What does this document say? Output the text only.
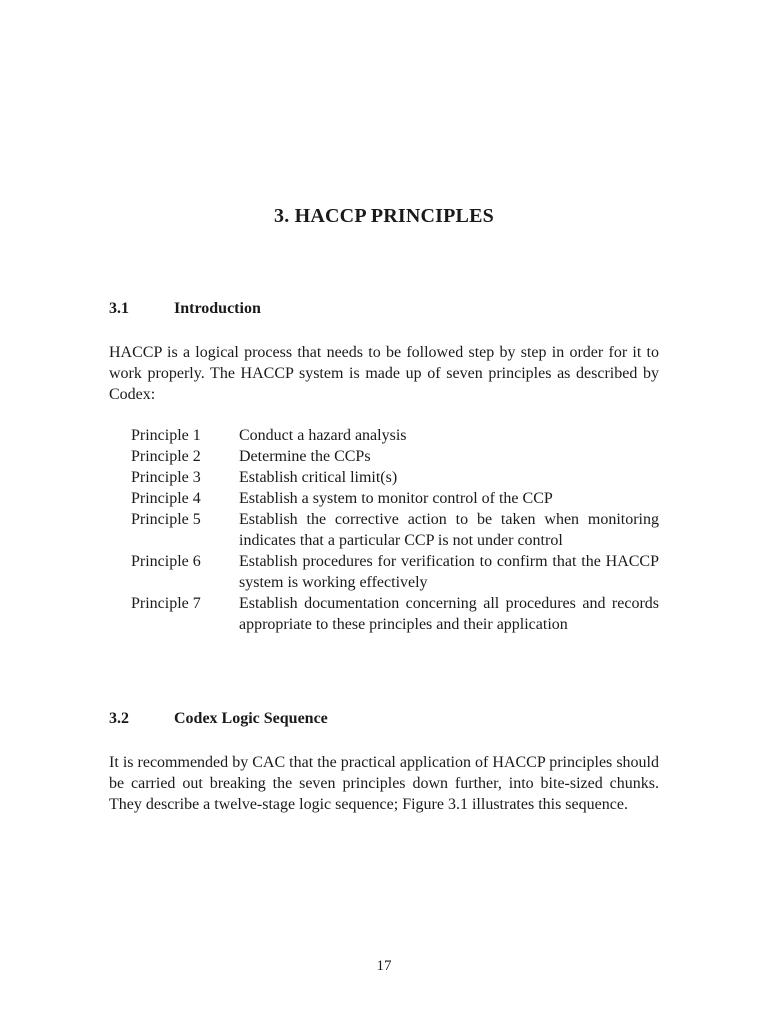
3. HACCP PRINCIPLES
3.1	Introduction

HACCP is a logical process that needs to be followed step by step in order for it to work properly. The HACCP system is made up of seven principles as described by Codex:

Principle 1	Conduct a hazard analysis
Principle 2	Determine the CCPs
Principle 3	Establish critical limit(s)
Principle 4	Establish a system to monitor control of the CCP
Principle 5	Establish the corrective action to be taken when monitoring indicates that a particular CCP is not under control
Principle 6	Establish procedures for verification to confirm that the HACCP system is working effectively
Principle 7	Establish documentation concerning all procedures and records appropriate to these principles and their application
3.2	Codex Logic Sequence

It is recommended by CAC that the practical application of HACCP principles should be carried out breaking the seven principles down further, into bite-sized chunks. They describe a twelve-stage logic sequence; Figure 3.1 illustrates this sequence.

17
